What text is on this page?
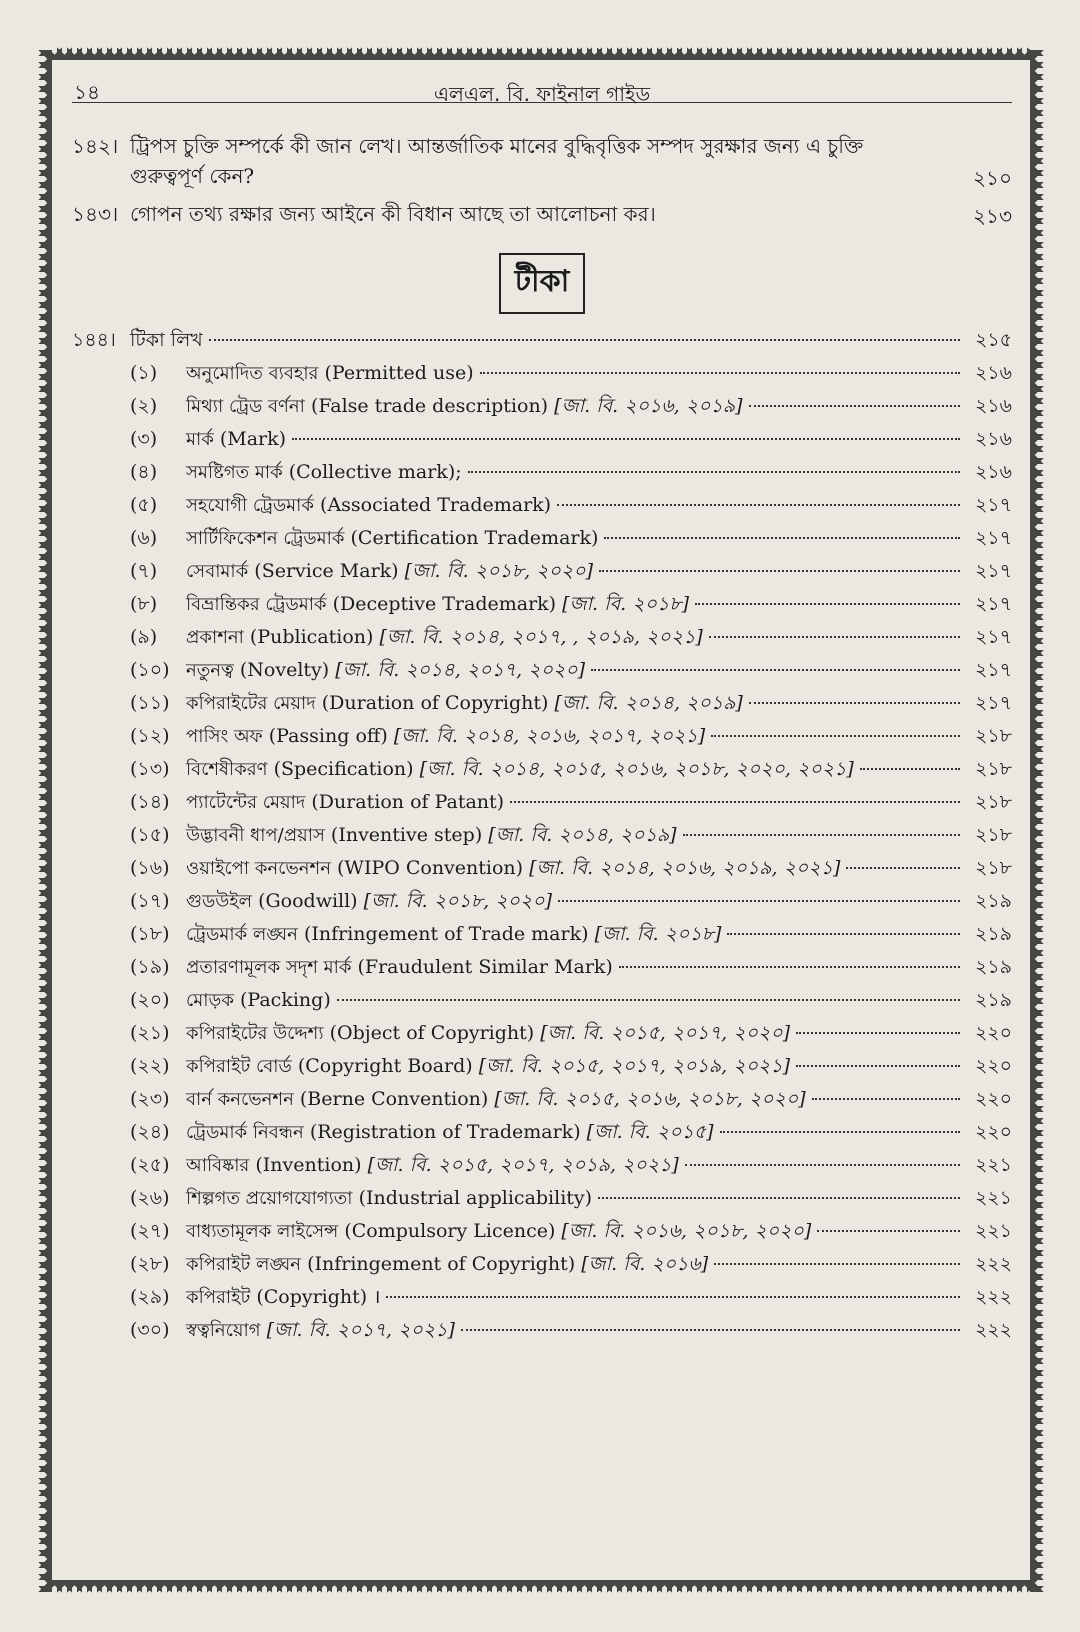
১৪	এলএল. বি. ফাইনাল গাইড
১৪২। ট্রিপস চুক্তি সম্পর্কে কী জান লেখ। আন্তর্জাতিক মানের বুদ্ধিবৃত্তিক সম্পদ সুরক্ষার জন্য এ চুক্তি গুরুত্বপূর্ণ কেন?	২১০
১৪৩। গোপন তথ্য রক্ষার জন্য আইনে কী বিধান আছে তা আলোচনা কর।	২১৩
টীকা
১৪৪। টিকা লিখ	২১৫
(১)	অনুমোদিত ব্যবহার (Permitted use)	২১৬
(২)	মিথ্যা ট্রেড বর্ণনা (False trade description) [জা. বি. ২০১৬, ২০১৯]	২১৬
(৩)	মার্ক (Mark)	২১৬
(৪)	সমষ্টিগত মার্ক (Collective mark);	২১৬
(৫)	সহযোগী ট্রেডমার্ক (Associated Trademark)	২১৭
(৬)	সার্টিফিকেশন ট্রেডমার্ক (Certification Trademark)	২১৭
(৭)	সেবামার্ক (Service Mark) [জা. বি. ২০১৮, ২০২০]	২১৭
(৮)	বিভ্রান্তিকর ট্রেডমার্ক (Deceptive Trademark) [জা. বি. ২০১৮]	২১৭
(৯)	প্রকাশনা (Publication) [জা. বি. ২০১৪, ২০১৭, , ২০১৯, ২০২১]	২১৭
(১০) নতুনত্ব (Novelty) [জা. বি. ২০১৪, ২০১৭, ২০২০]	২১৭
(১১) কপিরাইটের মেয়াদ (Duration of Copyright) [জা. বি. ২০১৪, ২০১৯]	২১৭
(১২) পাসিং অফ (Passing off) [জা. বি. ২০১৪, ২০১৬, ২০১৭, ২০২১]	২১৮
(১৩) বিশেষীকরণ (Specification) [জা. বি. ২০১৪, ২০১৫, ২০১৬, ২০১৮, ২০২০, ২০২১]	২১৮
(১৪) প্যাটেন্টের মেয়াদ (Duration of Patant)	২১৮
(১৫) উদ্ভাবনী ধাপ/প্রয়াস (Inventive step) [জা. বি. ২০১৪, ২০১৯]	২১৮
(১৬) ওয়াইপো কনভেনশন (WIPO Convention) [জা. বি. ২০১৪, ২০১৬, ২০১৯, ২০২১]	২১৮
(১৭) গুডউইল (Goodwill) [জা. বি. ২০১৮, ২০২০]	২১৯
(১৮) ট্রেডমার্ক লঙ্ঘন (Infringement of Trade mark) [জা. বি. ২০১৮]	২১৯
(১৯) প্রতারণামূলক সদৃশ মার্ক (Fraudulent Similar Mark)	২১৯
(২০) মোড়ক (Packing)	২১৯
(২১) কপিরাইটের উদ্দেশ্য (Object of Copyright) [জা. বি. ২০১৫, ২০১৭, ২০২০]	২২০
(২২) কপিরাইট বোর্ড (Copyright Board) [জা. বি. ২০১৫, ২০১৭, ২০১৯, ২০২১]	২২০
(২৩) বার্ন কনভেনশন (Berne Convention) [জা. বি. ২০১৫, ২০১৬, ২০১৮, ২০২০]	২২০
(২৪) ট্রেডমার্ক নিবন্ধন (Registration of Trademark) [জা. বি. ২০১৫]	২২০
(২৫) আবিষ্কার (Invention) [জা. বি. ২০১৫, ২০১৭, ২০১৯, ২০২১]	২২১
(২৬) শিল্পগত প্রয়োগযোগ্যতা (Industrial applicability)	২২১
(২৭) বাধ্যতামূলক লাইসেন্স (Compulsory Licence) [জা. বি. ২০১৬, ২০১৮, ২০২০]	২২১
(২৮) কপিরাইট লঙ্ঘন (Infringement of Copyright) [জা. বি. ২০১৬]	২২২
(২৯) কপিরাইট (Copyright) ।	২২২
(৩০) স্বত্বনিয়োগ [জা. বি. ২০১৭, ২০২১]	২২২
